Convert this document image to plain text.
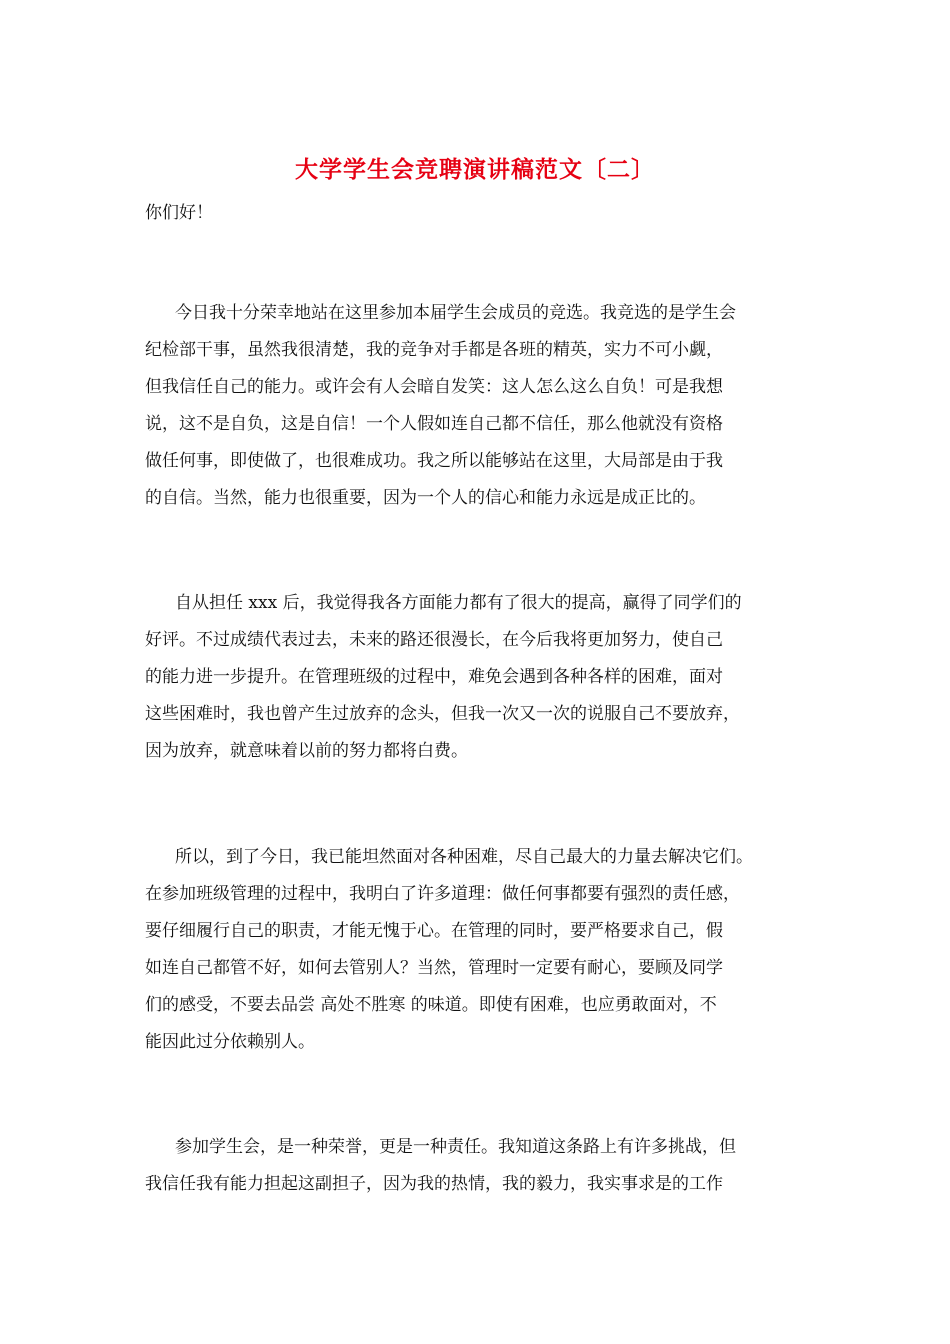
大学学生会竞聘演讲稿范文〔二〕
你们好！
今日我十分荣幸地站在这里参加本届学生会成员的竞选。我竞选的是学生会
纪检部干事，虽然我很清楚，我的竞争对手都是各班的精英，实力不可小觑，
但我信任自己的能力。或许会有人会暗自发笑：这人怎么这么自负！可是我想
说，这不是自负，这是自信！一个人假如连自己都不信任，那么他就没有资格
做任何事，即使做了，也很难成功。我之所以能够站在这里，大局部是由于我
的自信。当然，能力也很重要，因为一个人的信心和能力永远是成正比的。
自从担任 xxx 后，我觉得我各方面能力都有了很大的提高，赢得了同学们的
好评。不过成绩代表过去，未来的路还很漫长，在今后我将更加努力，使自己
的能力进一步提升。在管理班级的过程中，难免会遇到各种各样的困难，面对
这些困难时，我也曾产生过放弃的念头，但我一次又一次的说服自己不要放弃，
因为放弃，就意味着以前的努力都将白费。
所以，到了今日，我已能坦然面对各种困难，尽自己最大的力量去解决它们。
在参加班级管理的过程中，我明白了许多道理：做任何事都要有强烈的责任感，
要仔细履行自己的职责，才能无愧于心。在管理的同时，要严格要求自己，假
如连自己都管不好，如何去管别人？当然，管理时一定要有耐心，要顾及同学
们的感受，不要去品尝 高处不胜寒 的味道。即使有困难，也应勇敢面对，不
能因此过分依赖别人。
参加学生会，是一种荣誉，更是一种责任。我知道这条路上有许多挑战，但
我信任我有能力担起这副担子，因为我的热情，我的毅力，我实事求是的工作
